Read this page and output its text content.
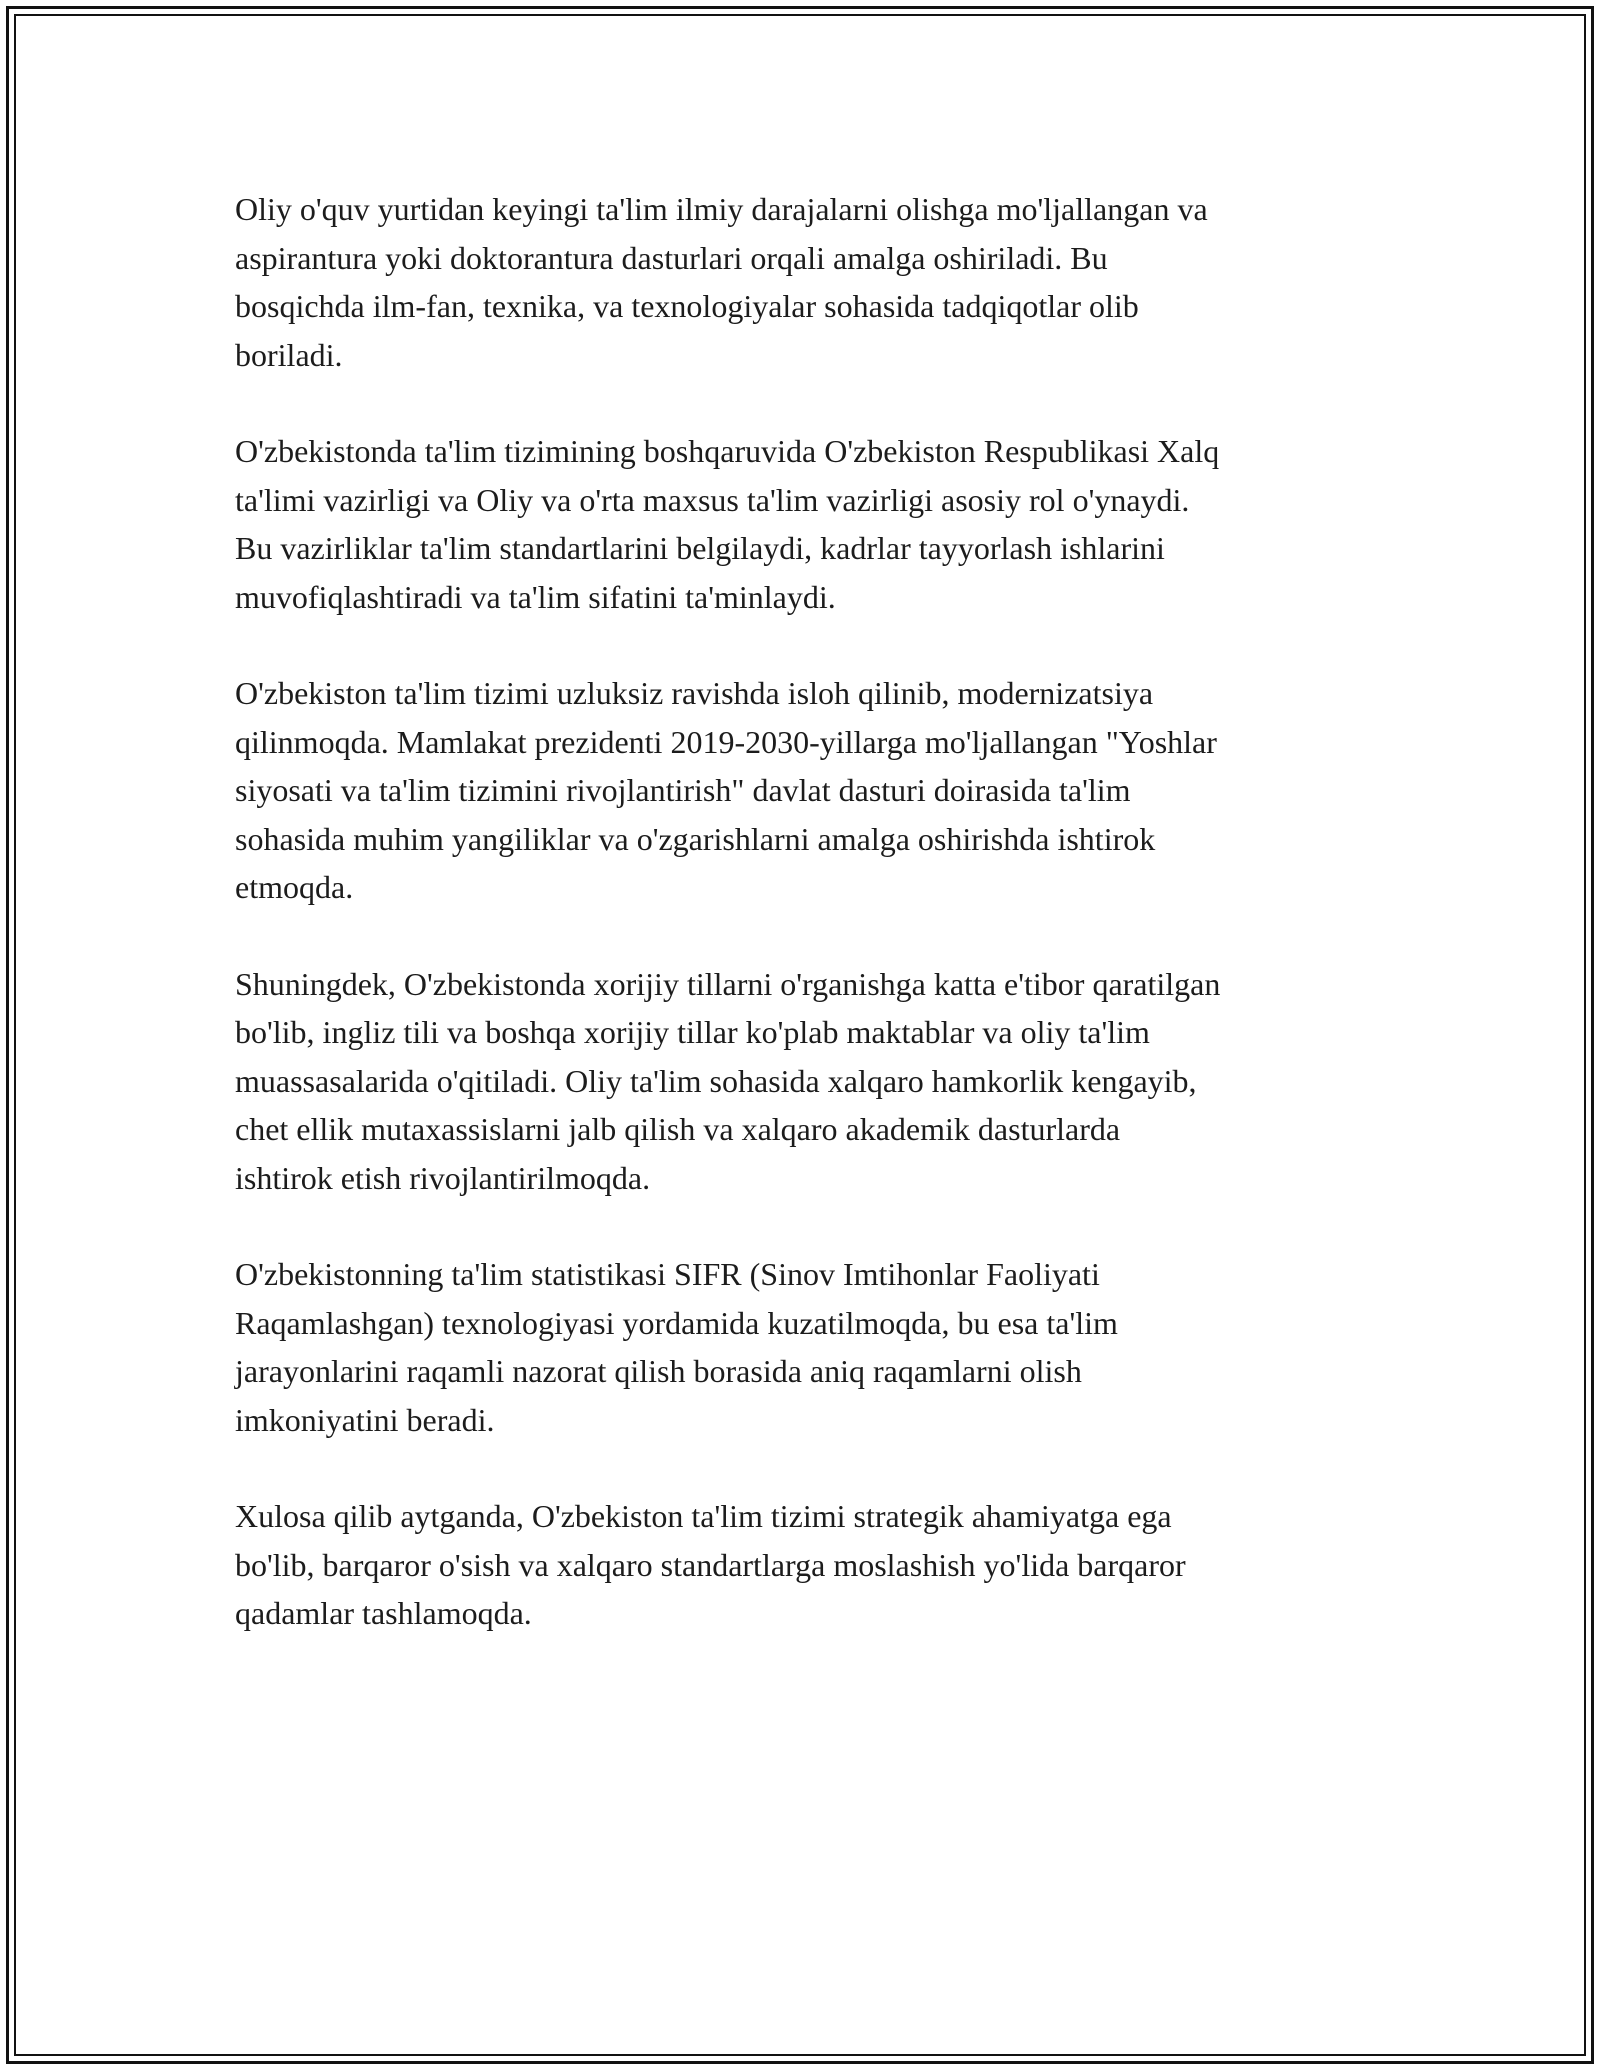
Oliy o'quv yurtidan keyingi ta'lim ilmiy darajalarni olishga mo'ljallangan va
aspirantura yoki doktorantura dasturlari orqali amalga oshiriladi. Bu
bosqichda ilm-fan, texnika, va texnologiyalar sohasida tadqiqotlar olib
boriladi.

O'zbekistonda ta'lim tizimining boshqaruvida O'zbekiston Respublikasi Xalq
ta'limi vazirligi va Oliy va o'rta maxsus ta'lim vazirligi asosiy rol o'ynaydi.
Bu vazirliklar ta'lim standartlarini belgilaydi, kadrlar tayyorlash ishlarini
muvofiqlashtiradi va ta'lim sifatini ta'minlaydi.

O'zbekiston ta'lim tizimi uzluksiz ravishda isloh qilinib, modernizatsiya
qilinmoqda. Mamlakat prezidenti 2019-2030-yillarga mo'ljallangan "Yoshlar
siyosati va ta'lim tizimini rivojlantirish" davlat dasturi doirasida ta'lim
sohasida muhim yangiliklar va o'zgarishlarni amalga oshirishda ishtirok
etmoqda.

Shuningdek, O'zbekistonda xorijiy tillarni o'rganishga katta e'tibor qaratilgan
bo'lib, ingliz tili va boshqa xorijiy tillar ko'plab maktablar va oliy ta'lim
muassasalarida o'qitiladi. Oliy ta'lim sohasida xalqaro hamkorlik kengayib,
chet ellik mutaxassislarni jalb qilish va xalqaro akademik dasturlarda
ishtirok etish rivojlantirilmoqda.

O'zbekistonning ta'lim statistikasi SIFR (Sinov Imtihonlar Faoliyati
Raqamlashgan) texnologiyasi yordamida kuzatilmoqda, bu esa ta'lim
jarayonlarini raqamli nazorat qilish borasida aniq raqamlarni olish
imkoniyatini beradi.

Xulosa qilib aytganda, O'zbekiston ta'lim tizimi strategik ahamiyatga ega
bo'lib, barqaror o'sish va xalqaro standartlarga moslashish yo'lida barqaror
qadamlar tashlamoqda.
